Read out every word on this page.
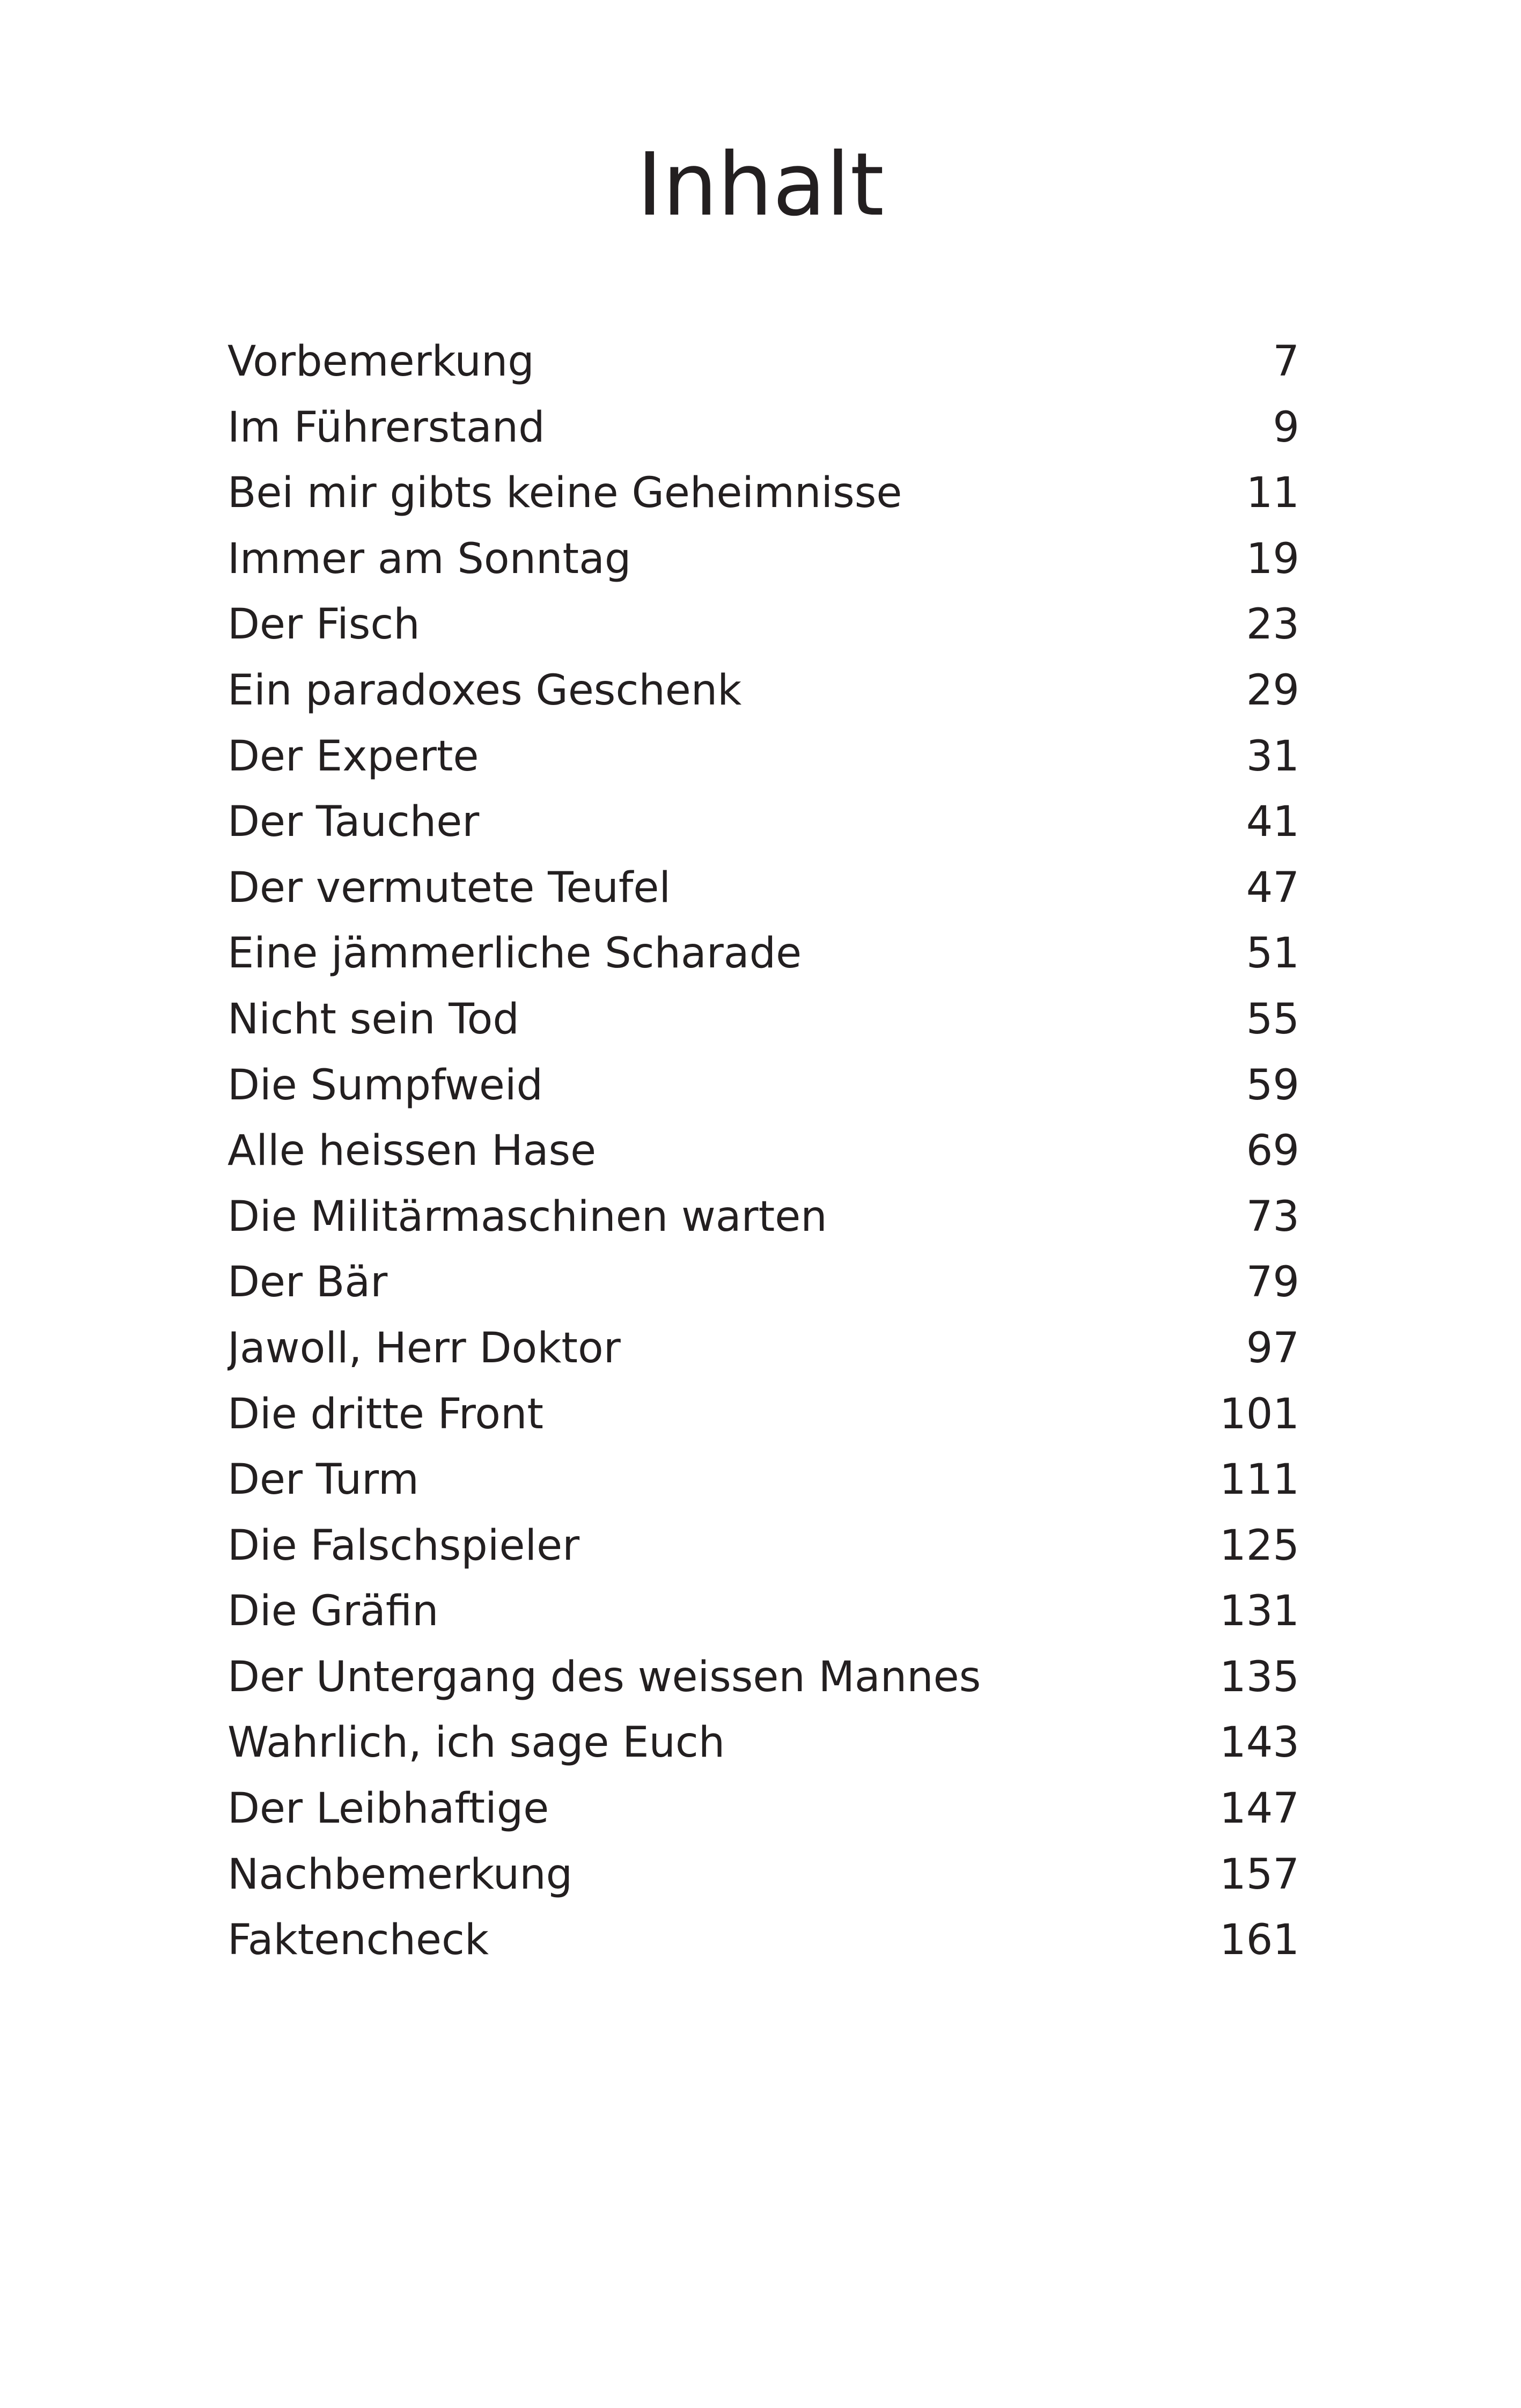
Inhalt
Vorbemerkung	7
Im Führerstand	9
Bei mir gibts keine Geheimnisse	11
Immer am Sonntag	19
Der Fisch	23
Ein paradoxes Geschenk	29
Der Experte	31
Der Taucher	41
Der vermutete Teufel	47
Eine jämmerliche Scharade	51
Nicht sein Tod	55
Die Sumpfweid	59
Alle heissen Hase	69
Die Militärmaschinen warten	73
Der Bär	79
Jawoll, Herr Doktor	97
Die dritte Front	101
Der Turm	111
Die Falschspieler	125
Die Gräfin	131
Der Untergang des weissen Mannes	135
Wahrlich, ich sage Euch	143
Der Leibhaftige	147
Nachbemerkung	157
Faktencheck	161
